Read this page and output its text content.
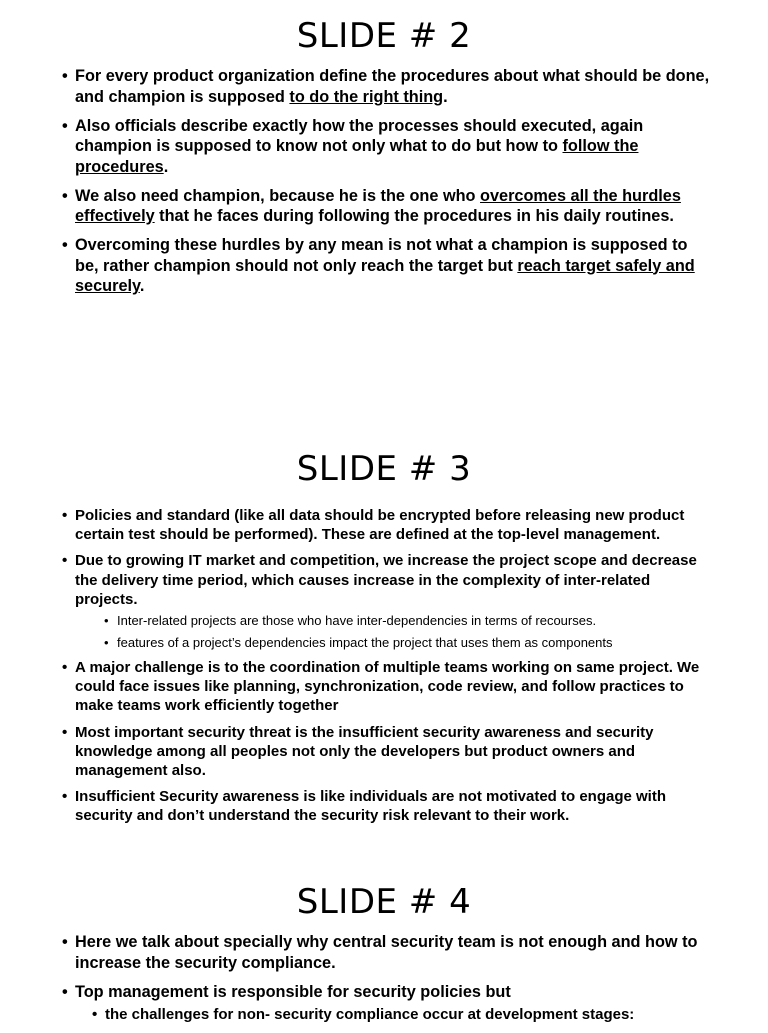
SLIDE # 2
• For every product organization define the procedures about what should be done, and champion is supposed to do the right thing.
• Also officials describe exactly how the processes should executed, again champion is supposed to know not only what to do but how to follow the procedures.
• We also need champion, because he is the one who overcomes all the hurdles effectively that he faces during following the procedures in his daily routines.
• Overcoming these hurdles by any mean is not what a champion is supposed to be, rather champion should not only reach the target but reach target safely and securely.
SLIDE # 3
• Policies and standard (like all data should be encrypted before releasing new product certain test should be performed). These are defined at the top-level management.
• Due to growing IT market and competition, we increase the project scope and decrease the delivery time period, which causes increase in the complexity of inter-related projects.
• Inter-related projects are those who have inter-dependencies in terms of recourses.
• features of a project’s dependencies impact the project that uses them as components
• A major challenge is to the coordination of multiple teams working on same project. We could face issues like planning, synchronization, code review, and follow practices to make teams work efficiently together
• Most important security threat is the insufficient security awareness and security knowledge among all peoples not only the developers but product owners and management also.
• Insufficient Security awareness is like individuals are not motivated to engage with security and don’t understand the security risk relevant to their work.
SLIDE # 4
• Here we talk about specially why central security team is not enough and how to increase the security compliance.
• Top management is responsible for security policies but
• the challenges for non- security compliance occur at development stages:
